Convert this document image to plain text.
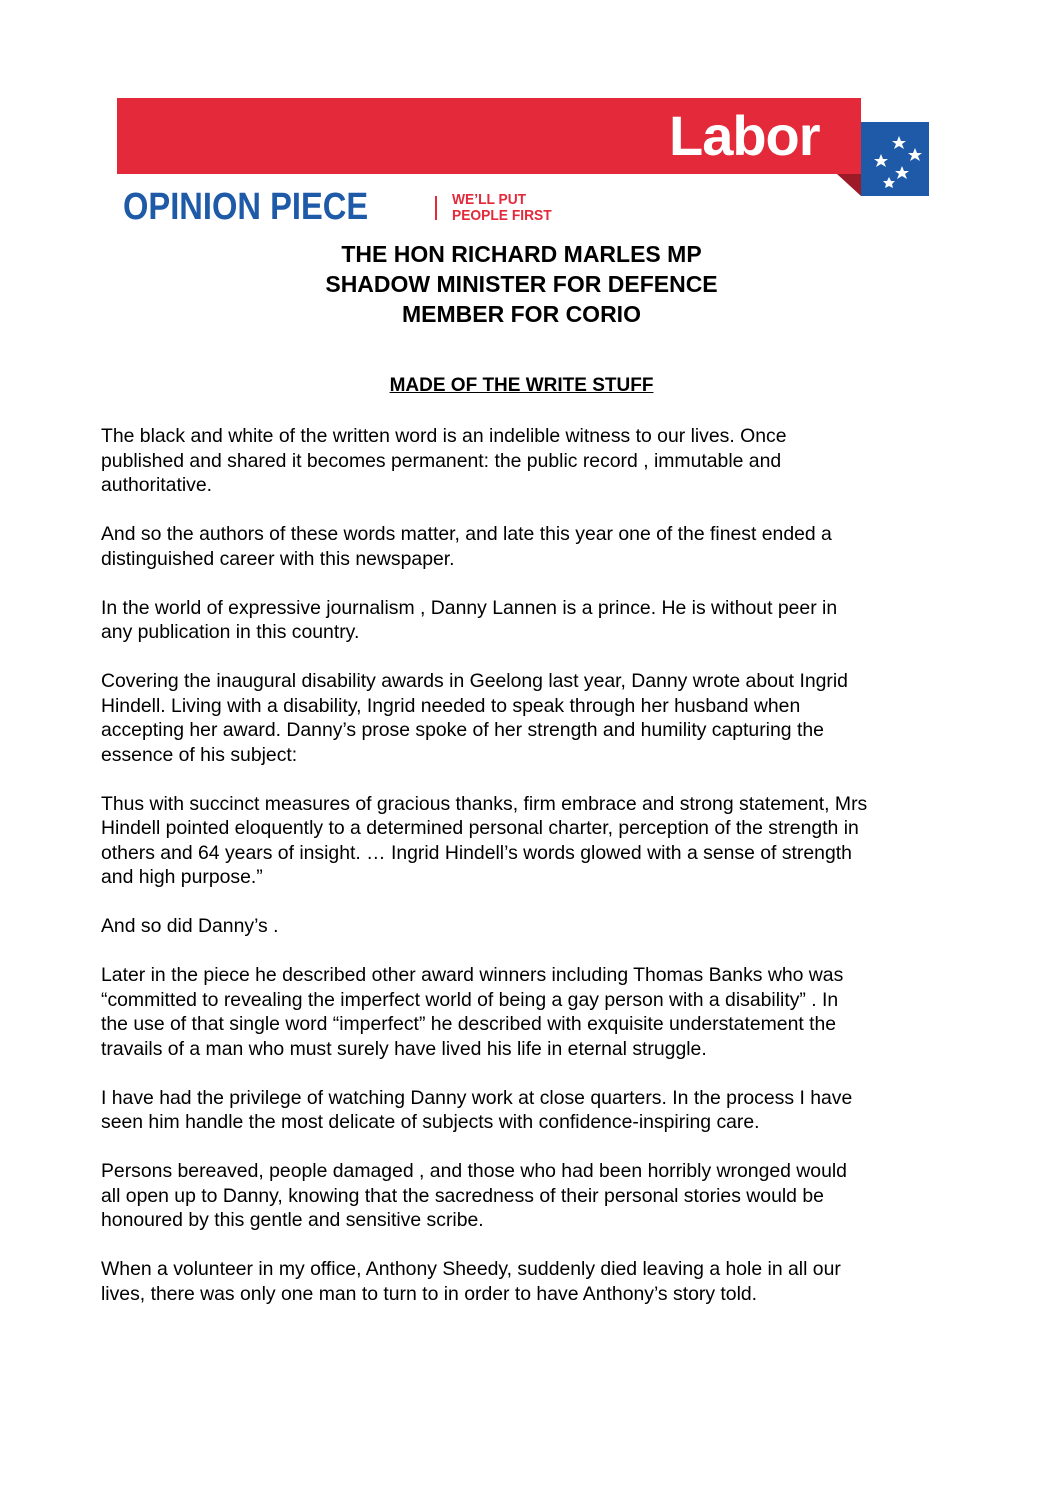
Labor
OPINION PIECE	WE’LL PUT
PEOPLE FIRST
THE HON RICHARD MARLES MP
SHADOW MINISTER FOR DEFENCE
MEMBER FOR CORIO
MADE OF THE WRITE STUFF
The black and white of the written word is an indelible witness to our lives. Once
published and shared it becomes permanent: the public record , immutable and
authoritative.
And so the authors of these words matter, and late this year one of the finest ended a
distinguished career with this newspaper.
In the world of expressive journalism , Danny Lannen is a prince. He is without peer in
any publication in this country.
Covering the inaugural disability awards in Geelong last year, Danny wrote about Ingrid
Hindell. Living with a disability, Ingrid needed to speak through her husband when
accepting her award. Danny’s prose spoke of her strength and humility capturing the
essence of his subject:
Thus with succinct measures of gracious thanks, firm embrace and strong statement, Mrs
Hindell pointed eloquently to a determined personal charter, perception of the strength in
others and 64 years of insight. … Ingrid Hindell’s words glowed with a sense of strength
and high purpose.”
And so did Danny’s .
Later in the piece he described other award winners including Thomas Banks who was
“committed to revealing the imperfect world of being a gay person with a disability” . In
the use of that single word “imperfect” he described with exquisite understatement the
travails of a man who must surely have lived his life in eternal struggle.
I have had the privilege of watching Danny work at close quarters. In the process I have
seen him handle the most delicate of subjects with confidence-inspiring care.
Persons bereaved, people damaged , and those who had been horribly wronged would
all open up to Danny, knowing that the sacredness of their personal stories would be
honoured by this gentle and sensitive scribe.
When a volunteer in my office, Anthony Sheedy, suddenly died leaving a hole in all our
lives, there was only one man to turn to in order to have Anthony’s story told.
